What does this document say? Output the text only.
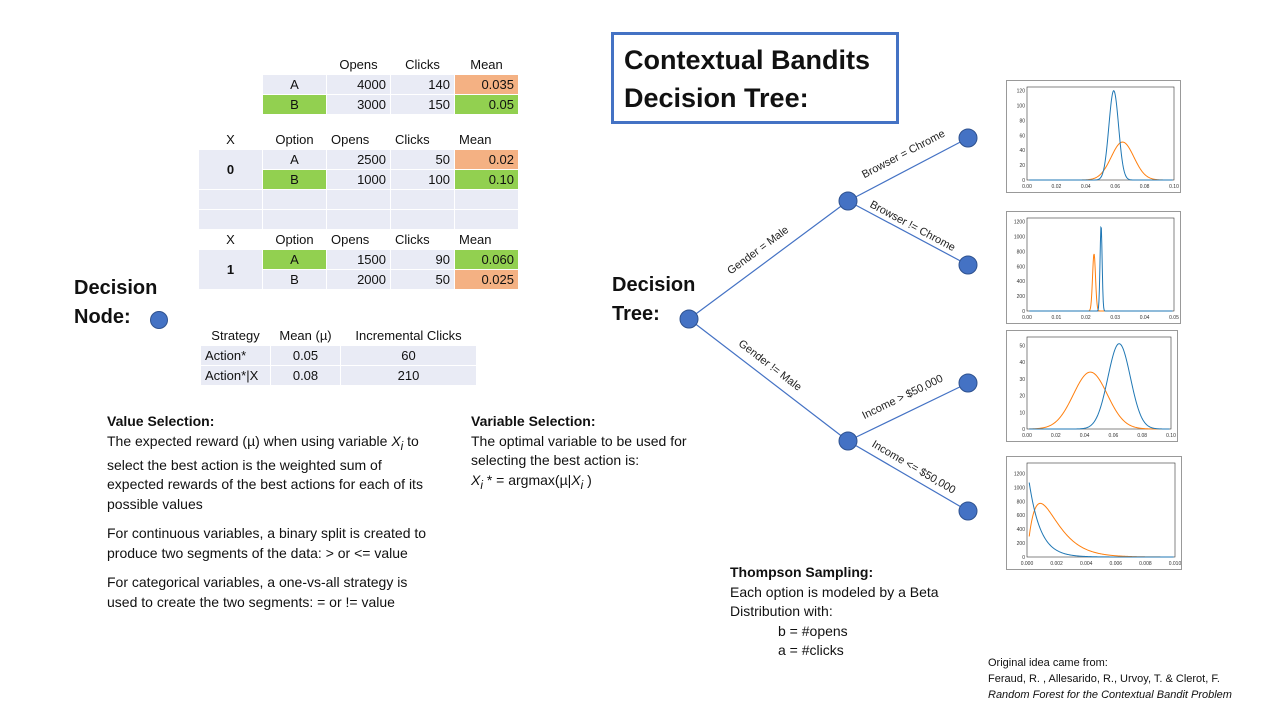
Contextual Bandits
Decision Tree:
	Opens	Clicks	Mean
A	4000	140	0.035
B	3000	150	0.05
X	Option	Opens	Clicks	Mean
0	A	2500	50	0.02
	B	1000	100	0.10

X	Option	Opens	Clicks	Mean
1	A	1500	90	0.060
	B	2000	50	0.025
Strategy	Mean (µ)	Incremental Clicks
Action*	0.05	60
Action*|X	0.08	210
Decision
Node:
Decision
Tree:
Value Selection:
The expected reward (µ) when using variable $X_i$ to select the best action is the weighted sum of expected rewards of the best actions for each of its possible values
For continuous variables, a binary split is created to produce two segments of the data: > or <= value
For categorical variables, a one-vs-all strategy is used to create the two segments: = or != value
Variable Selection:
The optimal variable to be used for selecting the best action is:
$X_i$ * = $argmax(\mu|X_i$ )
Thompson Sampling:
Each option is modeled by a Beta
Distribution with:
b = #opens
a = #clicks
Original idea came from:
Feraud, R. , Allesarido, R., Urvoy, T. & Clerot, F.
Random Forest for the Contextual Bandit Problem
Gender = Male
Gender != Male
Browser = Chrome
Browser != Chrome
Income > $50,000
Income <= $50,000
0.00	0.02	0.04	0.06	0.08	0.10
0
20
40
60
80
100
120
0.00	0.01	0.02	0.03	0.04	0.05
0
200
400
600
800
1000
1200
0.00	0.02	0.04	0.06	0.08	0.10
0
10
20
30
40
50
0.000	0.002	0.004	0.006	0.008	0.010
0
200
400
600
800
1000
1200
